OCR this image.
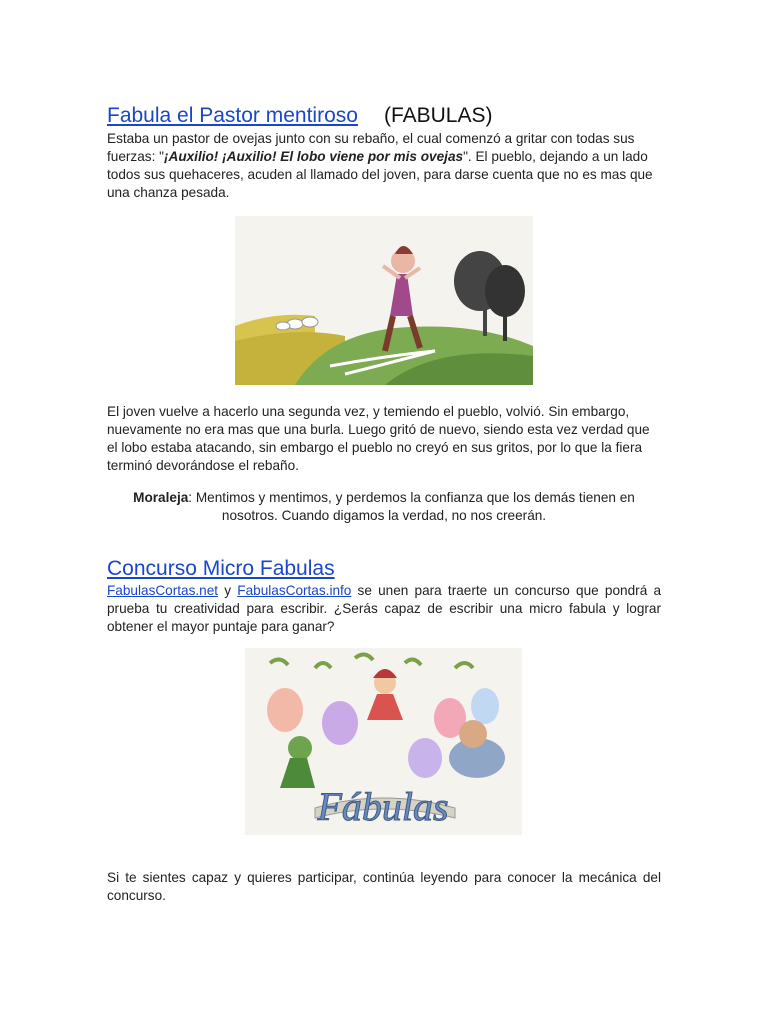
Fabula el Pastor mentiroso (FABULAS)

Estaba un pastor de ovejas junto con su rebaño, el cual comenzó a gritar con todas sus fuerzas: "¡Auxilio! ¡Auxilio! El lobo viene por mis ovejas". El pueblo, dejando a un lado todos sus quehaceres, acuden al llamado del joven, para darse cuenta que no es mas que una chanza pesada.

El joven vuelve a hacerlo una segunda vez, y temiendo el pueblo, volvió. Sin embargo, nuevamente no era mas que una burla. Luego gritó de nuevo, siendo esta vez verdad que el lobo estaba atacando, sin embargo el pueblo no creyó en sus gritos, por lo que la fiera terminó devorándose el rebaño.

Moraleja: Mentimos y mentimos, y perdemos la confianza que los demás tienen en nosotros. Cuando digamos la verdad, no nos creerán.

Concurso Micro Fabulas

FabulasCortas.net y FabulasCortas.info se unen para traerte un concurso que pondrá a prueba tu creatividad para escribir. ¿Serás capaz de escribir una micro fabula y lograr obtener el mayor puntaje para ganar?

Fábulas

Si te sientes capaz y quieres participar, continúa leyendo para conocer la mecánica del concurso.
